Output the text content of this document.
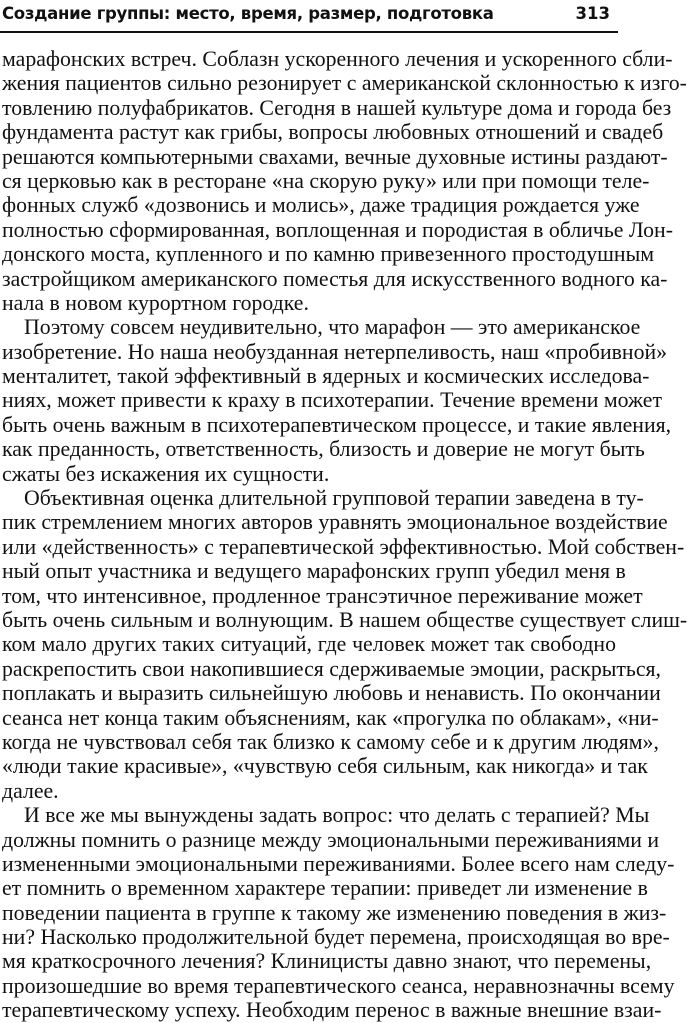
Создание группы: место, время, размер, подготовка	313
марафонских встреч. Соблазн ускоренного лечения и ускоренного сбли-
жения пациентов сильно резонирует с американской склонностью к изго-
товлению полуфабрикатов. Сегодня в нашей культуре дома и города без
фундамента растут как грибы, вопросы любовных отношений и свадеб
решаются компьютерными свахами, вечные духовные истины раздают-
ся церковью как в ресторане «на скорую руку» или при помощи теле-
фонных служб «дозвонись и молись», даже традиция рождается уже
полностью сформированная, воплощенная и породистая в обличье Лон-
донского моста, купленного и по камню привезенного простодушным
застройщиком американского поместья для искусственного водного ка-
нала в новом курортном городке.
Поэтому совсем неудивительно, что марафон — это американское
изобретение. Но наша необузданная нетерпеливость, наш «пробивной»
менталитет, такой эффективный в ядерных и космических исследова-
ниях, может привести к краху в психотерапии. Течение времени может
быть очень важным в психотерапевтическом процессе, и такие явления,
как преданность, ответственность, близость и доверие не могут быть
сжаты без искажения их сущности.
Объективная оценка длительной групповой терапии заведена в ту-
пик стремлением многих авторов уравнять эмоциональное воздействие
или «действенность» с терапевтической эффективностью. Мой собствен-
ный опыт участника и ведущего марафонских групп убедил меня в
том, что интенсивное, продленное трансэтичное переживание может
быть очень сильным и волнующим. В нашем обществе существует слиш-
ком мало других таких ситуаций, где человек может так свободно
раскрепостить свои накопившиеся сдерживаемые эмоции, раскрыться,
поплакать и выразить сильнейшую любовь и ненависть. По окончании
сеанса нет конца таким объяснениям, как «прогулка по облакам», «ни-
когда не чувствовал себя так близко к самому себе и к другим людям»,
«люди такие красивые», «чувствую себя сильным, как никогда» и так
далее.
И все же мы вынуждены задать вопрос: что делать с терапией? Мы
должны помнить о разнице между эмоциональными переживаниями и
измененными эмоциональными переживаниями. Более всего нам следу-
ет помнить о временном характере терапии: приведет ли изменение в
поведении пациента в группе к такому же изменению поведения в жиз-
ни? Насколько продолжительной будет перемена, происходящая во вре-
мя краткосрочного лечения? Клиницисты давно знают, что перемены,
произошедшие во время терапевтического сеанса, неравнозначны всему
терапевтическому успеху. Необходим перенос в важные внешние взаи-
